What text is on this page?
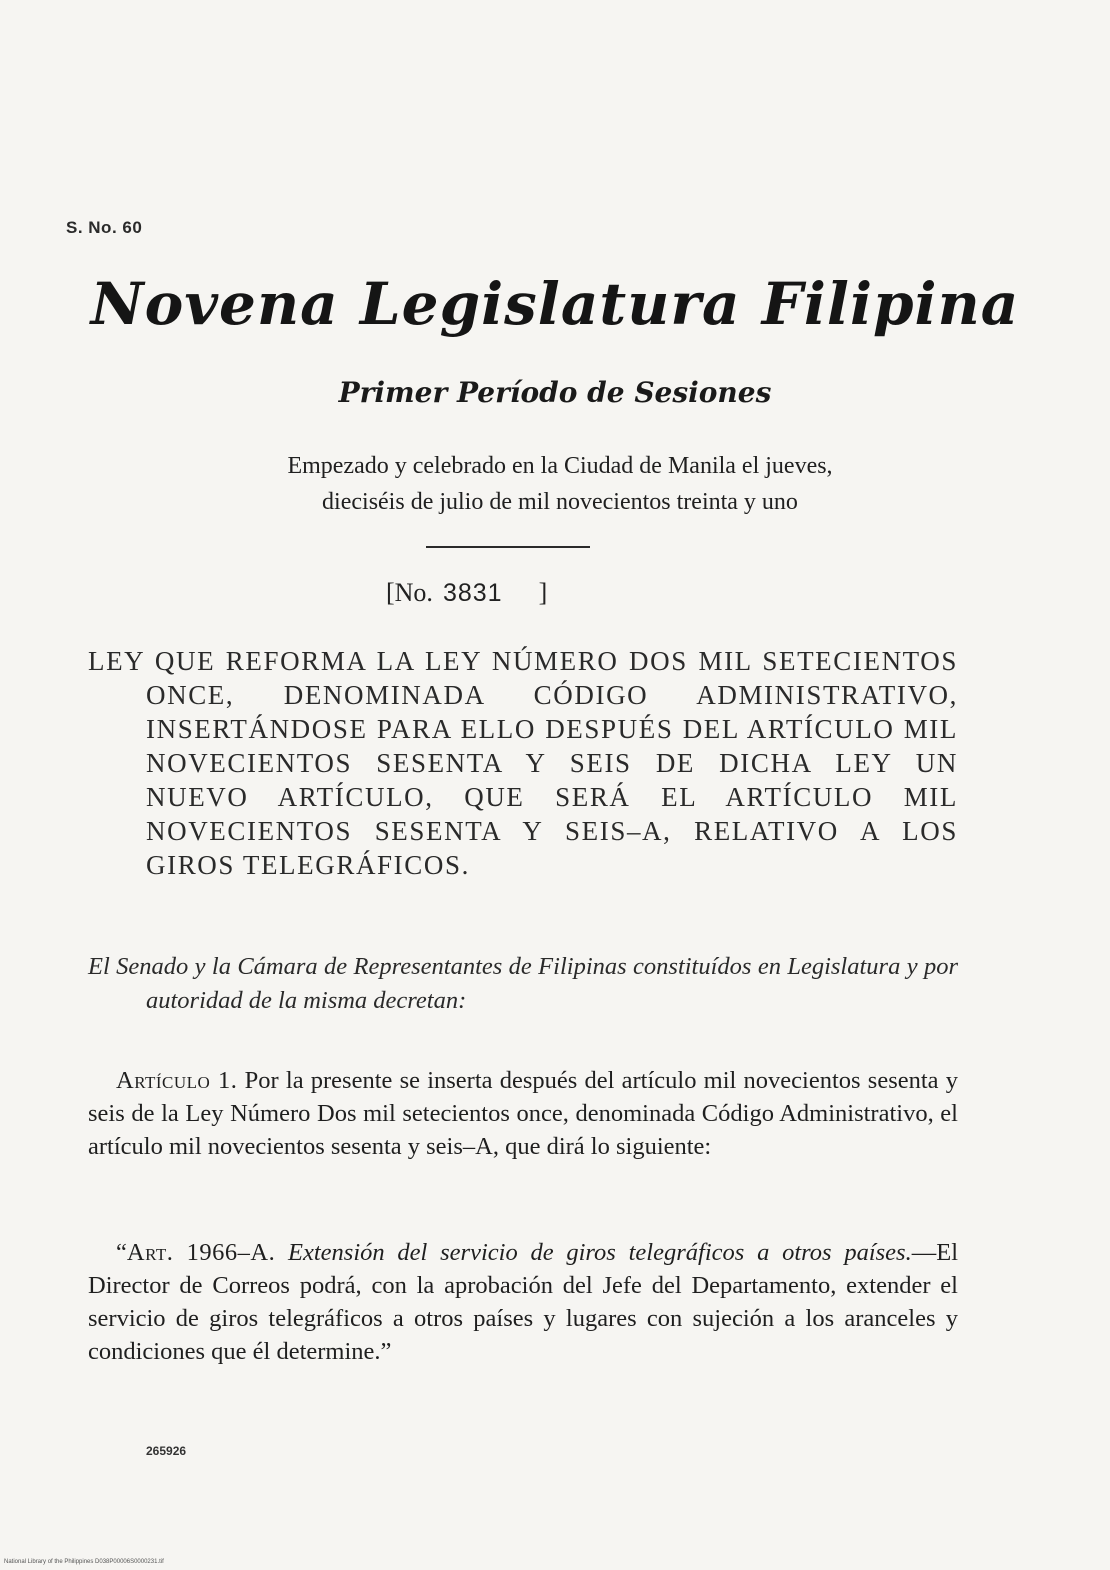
S. No. 60
Novena Legislatura Filipina
Primer Período de Sesiones
Empezado y celebrado en la Ciudad de Manila el jueves,
dieciséis de julio de mil novecientos treinta y uno
[No. 3831 ]

LEY QUE REFORMA LA LEY NÚMERO DOS MIL SETECIENTOS ONCE, DENOMINADA CÓDIGO ADMINISTRATIVO, INSERTÁNDOSE PARA ELLO DESPUÉS DEL ARTÍCULO MIL NOVECIENTOS SESENTA Y SEIS DE DICHA LEY UN NUEVO ARTÍCULO, QUE SERÁ EL ARTÍCULO MIL NOVECIENTOS SESENTA Y SEIS–A, RELATIVO A LOS GIROS TELEGRÁFICOS.

El Senado y la Cámara de Representantes de Filipinas constituídos en Legislatura y por autoridad de la misma decretan:

Artículo 1. Por la presente se inserta después del artículo mil novecientos sesenta y seis de la Ley Número Dos mil setecientos once, denominada Código Administrativo, el artículo mil novecientos sesenta y seis–A, que dirá lo siguiente:

“Art. 1966–A. Extensión del servicio de giros telegráficos a otros países.—El Director de Correos podrá, con la aprobación del Jefe del Departamento, extender el servicio de giros telegráficos a otros países y lugares con sujeción a los aranceles y condiciones que él determine.”

265926
National Library of the Philippines D038P00006S0000231.tif
